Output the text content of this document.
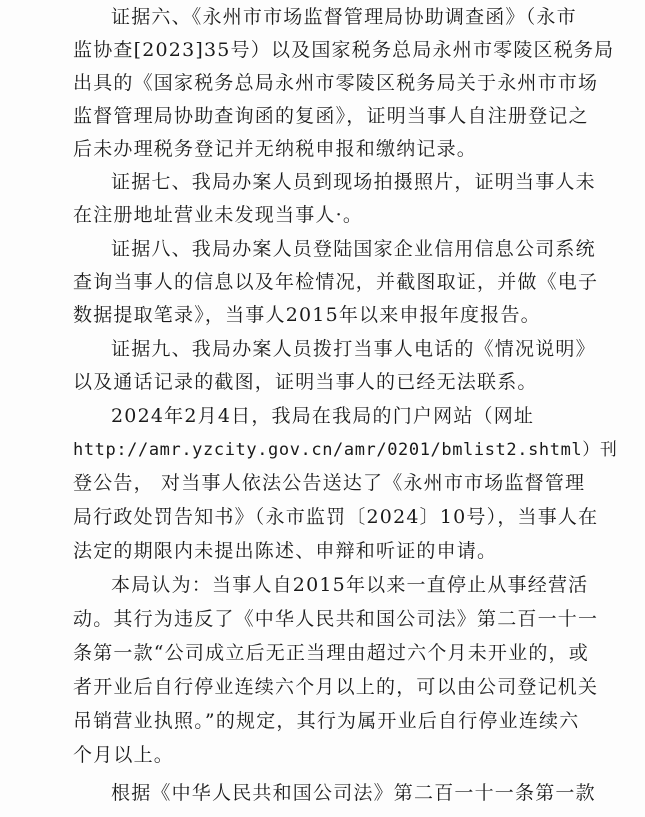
证据六、《永州市市场监督管理局协助调查函》（永市
监协查[2023]35号）以及国家税务总局永州市零陵区税务局
出具的《国家税务总局永州市零陵区税务局关于永州市市场
监督管理局协助查询函的复函》，证明当事人自注册登记之
后未办理税务登记并无纳税申报和缴纳记录。
证据七、我局办案人员到现场拍摄照片，证明当事人未
在注册地址营业未发现当事人·。
证据八、我局办案人员登陆国家企业信用信息公司系统
查询当事人的信息以及年检情况，并截图取证，并做《电子
数据提取笔录》，当事人2015年以来申报年度报告。
证据九、我局办案人员拨打当事人电话的《情况说明》
以及通话记录的截图，证明当事人的已经无法联系。
2024年2月4日，我局在我局的门户网站（网址
http://amr.yzcity.gov.cn/amr/0201/bmlist2.shtml）刊
登公告， 对当事人依法公告送达了《永州市市场监督管理
局行政处罚告知书》（永市监罚〔2024〕10号），当事人在
法定的期限内未提出陈述、申辩和听证的申请。
本局认为：当事人自2015年以来一直停止从事经营活
动。其行为违反了《中华人民共和国公司法》第二百一十一
条第一款“公司成立后无正当理由超过六个月未开业的，或
者开业后自行停业连续六个月以上的，可以由公司登记机关
吊销营业执照。”的规定，其行为属开业后自行停业连续六
个月以上。
根据《中华人民共和国公司法》第二百一十一条第一款
